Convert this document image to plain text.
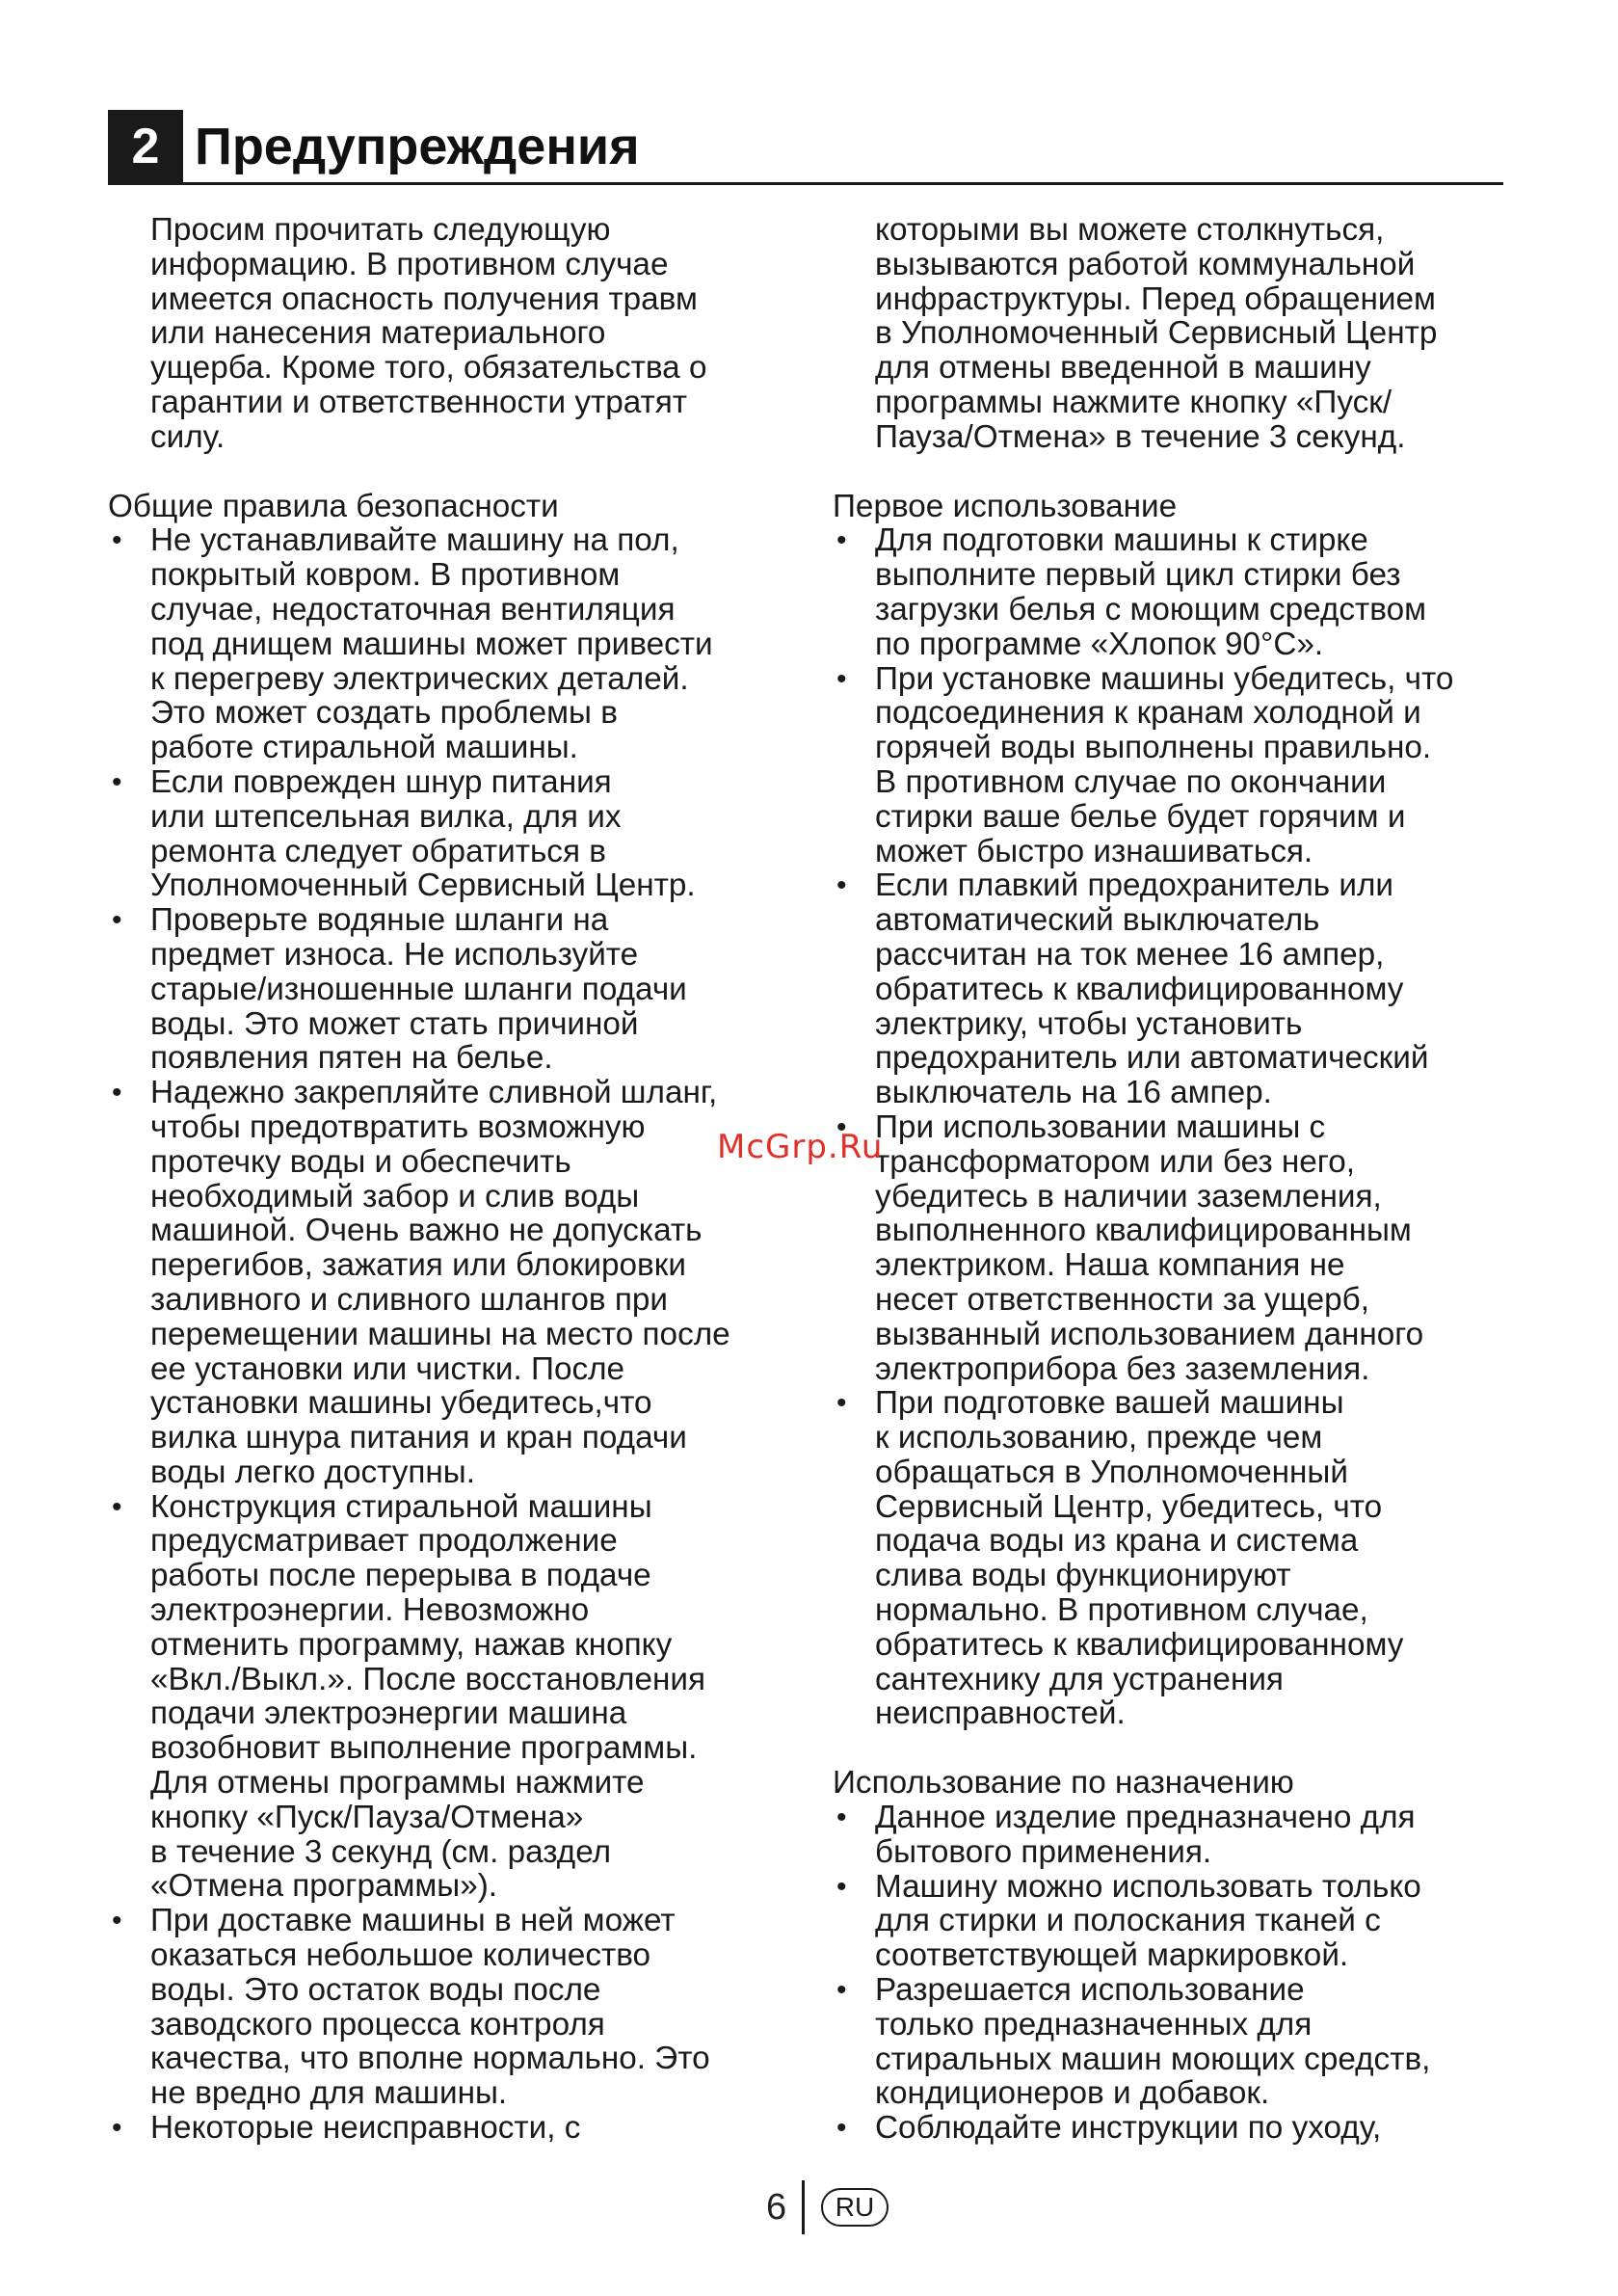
2 Предупреждения

Просим прочитать следующую
информацию. В противном случае
имеется опасность получения травм
или нанесения материального
ущерба. Кроме того, обязательства о
гарантии и ответственности утратят
силу.

Общие правила безопасности

• Не устанавливайте машину на пол,
покрытый ковром. В противном
случае, недостаточная вентиляция
под днищем машины может привести
к перегреву электрических деталей.
Это может создать проблемы в
работе стиральной машины.
• Если поврежден шнур питания
или штепсельная вилка, для их
ремонта следует обратиться в
Уполномоченный Сервисный Центр.
• Проверьте водяные шланги на
предмет износа. Не используйте
старые/изношенные шланги подачи
воды. Это может стать причиной
появления пятен на белье.
• Надежно закрепляйте сливной шланг,
чтобы предотвратить возможную
протечку воды и обеспечить
необходимый забор и слив воды
машиной. Очень важно не допускать
перегибов, зажатия или блокировки
заливного и сливного шлангов при
перемещении машины на место после
ее установки или чистки. После
установки машины убедитесь,что
вилка шнура питания и кран подачи
воды легко доступны.
• Конструкция стиральной машины
предусматривает продолжение
работы после перерыва в подаче
электроэнергии. Невозможно
отменить программу, нажав кнопку
«Вкл./Выкл.». После восстановления
подачи электроэнергии машина
возобновит выполнение программы.
Для отмены программы нажмите
кнопку «Пуск/Пауза/Отмена»
в течение 3 секунд (см. раздел
«Отмена программы»).
• При доставке машины в ней может
оказаться небольшое количество
воды. Это остаток воды после
заводского процесса контроля
качества, что вполне нормально. Это
не вредно для машины.
• Некоторые неисправности, с

которыми вы можете столкнуться,
вызываются работой коммунальной
инфраструктуры. Перед обращением
в Уполномоченный Сервисный Центр
для отмены введенной в машину
программы нажмите кнопку «Пуск/
Пауза/Отмена» в течение 3 секунд.

Первое использование

• Для подготовки машины к стирке
выполните первый цикл стирки без
загрузки белья с моющим средством
по программе «Хлопок 90°С».
• При установке машины убедитесь, что
подсоединения к кранам холодной и
горячей воды выполнены правильно.
В противном случае по окончании
стирки ваше белье будет горячим и
может быстро изнашиваться.
• Если плавкий предохранитель или
автоматический выключатель
рассчитан на ток менее 16 ампер,
обратитесь к квалифицированному
электрику, чтобы установить
предохранитель или автоматический
выключатель на 16 ампер.
• При использовании машины с
трансформатором или без него,
убедитесь в наличии заземления,
выполненного квалифицированным
электриком. Наша компания не
несет ответственности за ущерб,
вызванный использованием данного
электроприбора без заземления.
• При подготовке вашей машины
к использованию, прежде чем
обращаться в Уполномоченный
Сервисный Центр, убедитесь, что
подача воды из крана и система
слива воды функционируют
нормально. В противном случае,
обратитесь к квалифицированному
сантехнику для устранения
неисправностей.

Использование по назначению

• Данное изделие предназначено для
бытового применения.
• Машину можно использовать только
для стирки и полоскания тканей с
соответствующей маркировкой.
• Разрешается использование
только предназначенных для
стиральных машин моющих средств,
кондиционеров и добавок.
• Соблюдайте инструкции по уходу,
McGrp.Ru
6	RU
